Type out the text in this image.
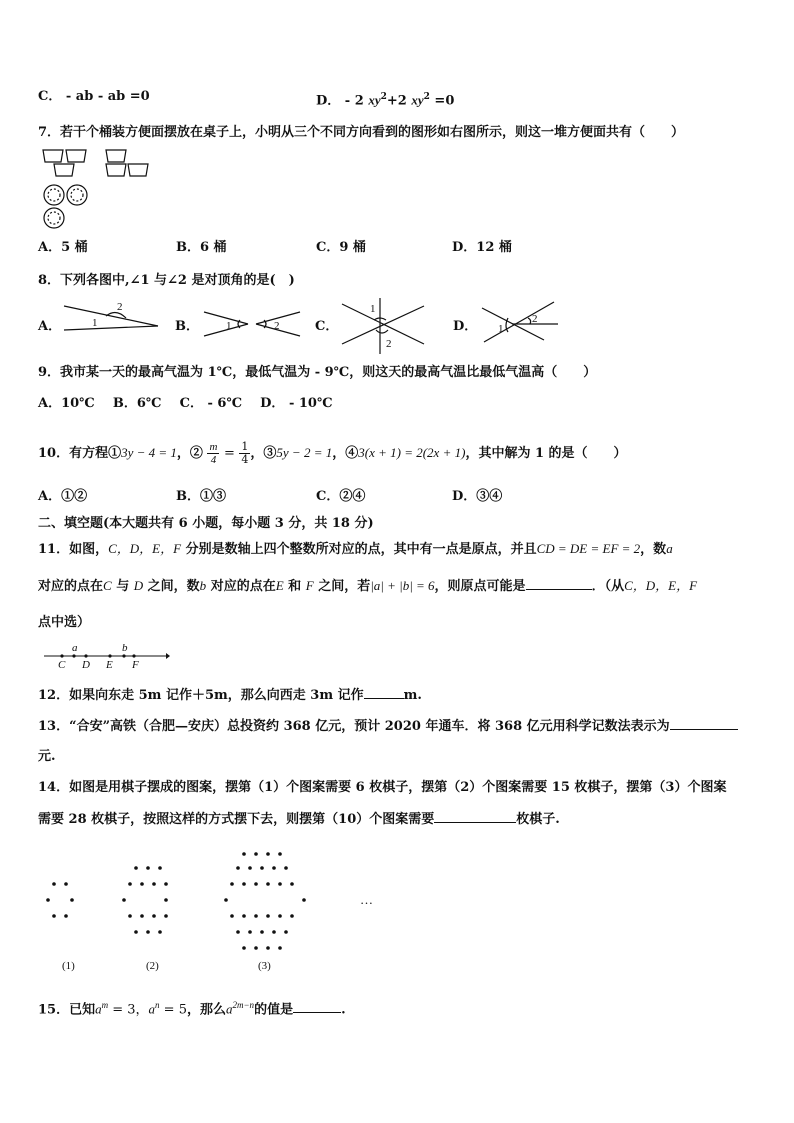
C． - ab - ab =0	D． - 2 $xy^2+2$ $xy^2 =0$
7．若干个桶装方便面摆放在桌子上，小明从三个不同方向看到的图形如右图所示，则这一堆方便面共有（　　）
A．5 桶	B．6 桶	C．9 桶	D．12 桶
8．下列各图中,∠1 与∠2 是对顶角的是(　)
A．	1
2
B． 1	2	C．
1
2
D． 1
2
9．我市某一天的最高气温为 1℃，最低气温为 - 9℃，则这天的最高气温比最低气温高（　　）
A．10℃ B．6℃ C． - 6℃ D． - 10℃
10．有方程①3y − 4 = 1，② $\frac{m}{4} = \frac{1}{4}$ ，③5y − 2 = 1，④3(x + 1) = 2(2x + 1)，其中解为 1 的是（　　）
A．①②	B．①③	C．②④	D．③④
二、填空题(本大题共有 6 小题，每小题 3 分，共 18 分)
11．如图，C，D，E，F 分别是数轴上四个整数所对应的点，其中有一点是原点，并且CD = DE = EF = 2，数a
对应的点在C 与 D 之间，数b 对应的点在E 和 F 之间，若|a| + |b| = 6，则原点可能是	．（从C，D，E，F
点中选）
a	b
C D E F
12．如果向东走 5m 记作＋5m，那么向西走 3m 记作	m.
13．“合安”高铁（合肥—安庆）总投资约 368 亿元，预计 2020 年通车．将 368 亿元用科学记数法表示为
元.
14．如图是用棋子摆成的图案，摆第（1）个图案需要 6 枚棋子，摆第（2）个图案需要 15 枚棋子，摆第（3）个图案
需要 28 枚棋子，按照这样的方式摆下去，则摆第（10）个图案需要	枚棋子.
(1)	(2)	(3)
…
15．已知$a^m = 3$，$a^n = 5$，那么$a^{2m-n}$的值是	.
